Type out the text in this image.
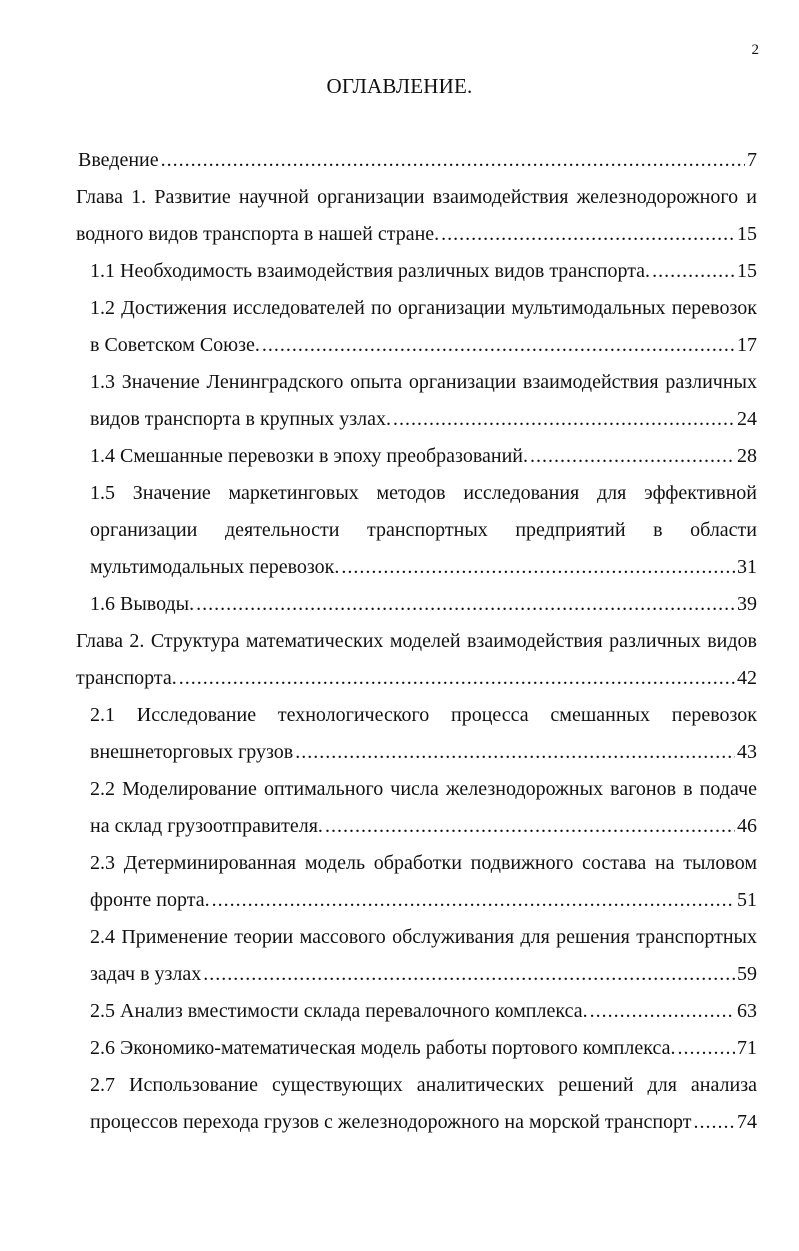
2
ОГЛАВЛЕНИЕ.
Введение .....	7
Глава 1. Развитие научной организации взаимодействия железнодорожного и
водного видов транспорта в нашей стране. .....	15
1.1 Необходимость взаимодействия различных видов транспорта. .....	15
1.2 Достижения исследователей по организации мультимодальных перевозок
в Советском Союзе. .....	17
1.3 Значение Ленинградского опыта организации взаимодействия различных
видов транспорта в крупных узлах. .....	24
1.4 Смешанные перевозки в эпоху преобразований. .....	28
1.5 Значение маркетинговых методов исследования для эффективной
организации деятельности транспортных предприятий в области
мультимодальных перевозок. .....	31
1.6 Выводы. .....	39
Глава 2. Структура математических моделей взаимодействия различных видов
транспорта. .....	42
2.1 Исследование технологического процесса смешанных перевозок
внешнеторговых грузов .....	43
2.2 Моделирование оптимального числа железнодорожных вагонов в подаче
на склад грузоотправителя. .....	46
2.3 Детерминированная модель обработки подвижного состава на тыловом
фронте порта. .....	51
2.4 Применение теории массового обслуживания для решения транспортных
задач в узлах .....	59
2.5 Анализ вместимости склада перевалочного комплекса. .....	63
2.6 Экономико-математическая модель работы портового комплекса. .....	71
2.7 Использование существующих аналитических решений для анализа
процессов перехода грузов с железнодорожного на морской транспорт ..... 74
